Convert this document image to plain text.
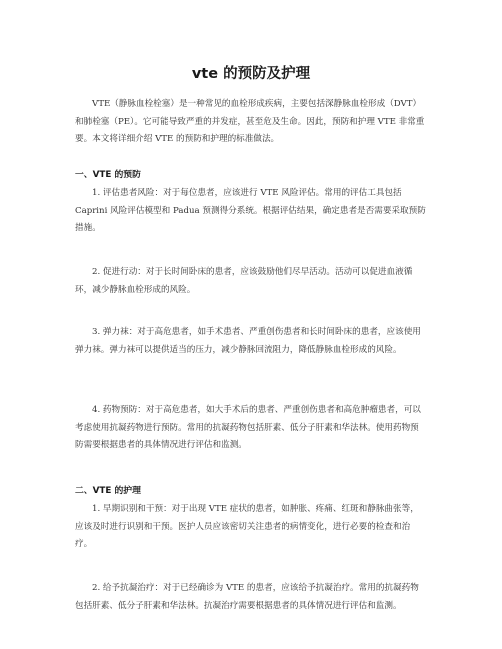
vte 的预防及护理

VTE（静脉血栓栓塞）是一种常见的血栓形成疾病，主要包括深静脉血栓形成（DVT）和肺栓塞（PE）。它可能导致严重的并发症，甚至危及生命。因此，预防和护理 VTE 非常重要。本文将详细介绍 VTE 的预防和护理的标准做法。

一、VTE 的预防

1. 评估患者风险：对于每位患者，应该进行 VTE 风险评估。常用的评估工具包括 Caprini 风险评估模型和 Padua 预测得分系统。根据评估结果，确定患者是否需要采取预防措施。

2. 促进行动：对于长时间卧床的患者，应该鼓励他们尽早活动。活动可以促进血液循环，减少静脉血栓形成的风险。

3. 弹力袜：对于高危患者，如手术患者、严重创伤患者和长时间卧床的患者，应该使用弹力袜。弹力袜可以提供适当的压力，减少静脉回流阻力，降低静脉血栓形成的风险。

4. 药物预防：对于高危患者，如大手术后的患者、严重创伤患者和高危肿瘤患者，可以考虑使用抗凝药物进行预防。常用的抗凝药物包括肝素、低分子肝素和华法林。使用药物预防需要根据患者的具体情况进行评估和监测。

二、VTE 的护理

1. 早期识别和干预：对于出现 VTE 症状的患者，如肿胀、疼痛、红斑和静脉曲张等，应该及时进行识别和干预。医护人员应该密切关注患者的病情变化，进行必要的检查和治疗。

2. 给予抗凝治疗：对于已经确诊为 VTE 的患者，应该给予抗凝治疗。常用的抗凝药物包括肝素、低分子肝素和华法林。抗凝治疗需要根据患者的具体情况进行评估和监测。
